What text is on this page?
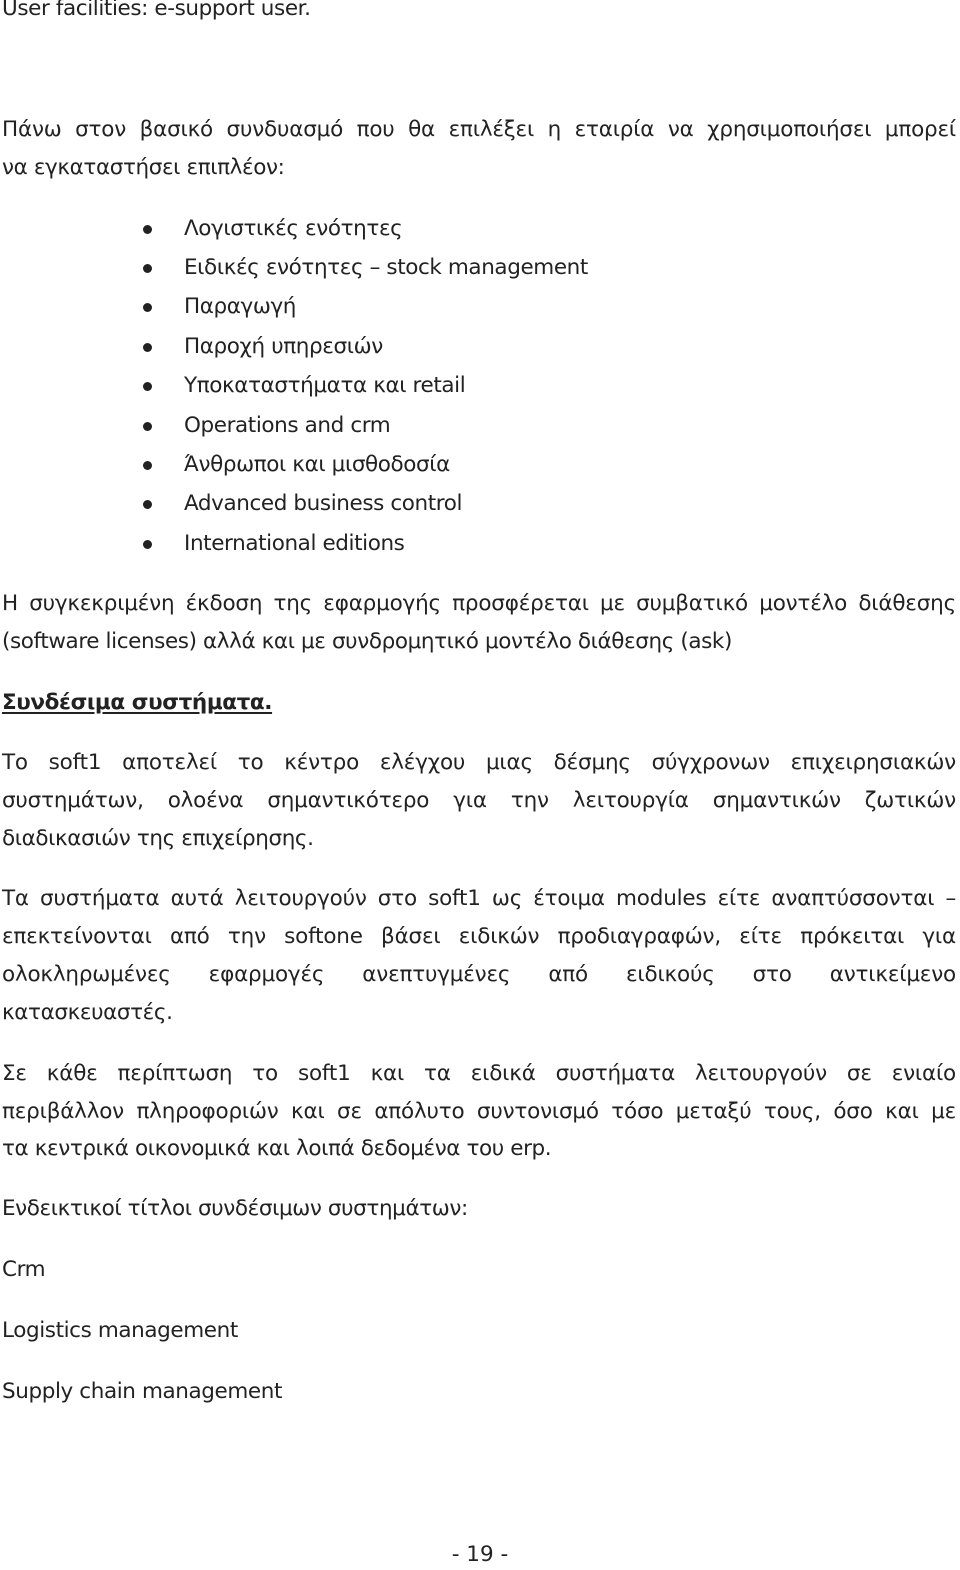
User facilities: e-support user.

Πάνω στον βασικό συνδυασμό που θα επιλέξει η εταιρία να χρησιμοποιήσει μπορεί

να εγκαταστήσει επιπλέον:

Λογιστικές ενότητες
Ειδικές ενότητες – stock management
Παραγωγή
Παροχή υπηρεσιών
Υποκαταστήματα και retail
Operations and crm
Άνθρωποι και μισθοδοσία
Advanced business control
International editions

Η συγκεκριμένη έκδοση της εφαρμογής προσφέρεται με συμβατικό μοντέλο διάθεσης

(software licenses) αλλά και με συνδρομητικό μοντέλο διάθεσης (ask)

Συνδέσιμα συστήματα.

Το soft1 αποτελεί το κέντρο ελέγχου μιας δέσμης σύγχρονων επιχειρησιακών

συστημάτων, ολοένα σημαντικότερο για την λειτουργία σημαντικών ζωτικών

διαδικασιών της επιχείρησης.

Τα συστήματα αυτά λειτουργούν στο soft1 ως έτοιμα modules είτε αναπτύσσονται –

επεκτείνονται από την softone βάσει ειδικών προδιαγραφών, είτε πρόκειται για

ολοκληρωμένες εφαρμογές ανεπτυγμένες από ειδικούς στο αντικείμενο

κατασκευαστές.

Σε κάθε περίπτωση το soft1 και τα ειδικά συστήματα λειτουργούν σε ενιαίο

περιβάλλον πληροφοριών και σε απόλυτο συντονισμό τόσο μεταξύ τους, όσο και με

τα κεντρικά οικονομικά και λοιπά δεδομένα του erp.

Ενδεικτικοί τίτλοι συνδέσιμων συστημάτων:

Crm

Logistics management

Supply chain management

- 19 -
